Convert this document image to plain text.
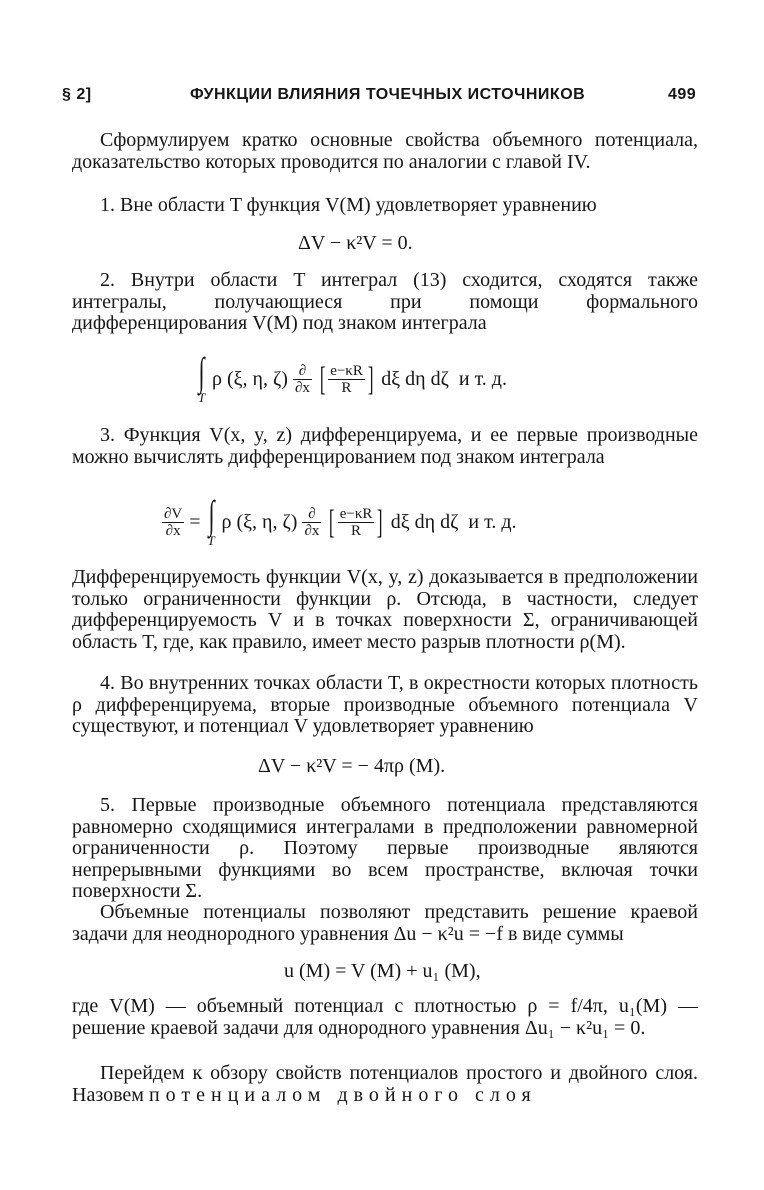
§ 2]	ФУНКЦИИ ВЛИЯНИЯ ТОЧЕЧНЫХ ИСТОЧНИКОВ	499
Сформулируем кратко основные свойства объемного потенциала, доказательство которых проводится по аналогии с главой IV.
1. Вне области T функция V(M) удовлетворяет уравнению
ΔV − κ²V = 0.
2. Внутри области T интеграл (13) сходится, сходятся также интегралы, получающиеся при помощи формального дифференцирования V(M) под знаком интеграла
∫
T
ρ (ξ, η, $\zeta) \frac{\partial}{\partial x}$ [ $\frac{e-\kappa R}{R}$ ] dξ dη dζ и т. д.
3. Функция V(x, y, z) дифференцируема, и ее первые производные можно вычислять дифференцированием под знаком интеграла
$\frac{\partial V}{\partial x}$ = ∫
T
ρ (ξ, η, $\zeta) \frac{\partial}{\partial x}$ [ $\frac{e-\kappa R}{R}$ ] dξ dη dζ и т. д.
Дифференцируемость функции V(x, y, z) доказывается в предположении только ограниченности функции ρ. Отсюда, в частности, следует дифференцируемость V и в точках поверхности Σ, ограничивающей область T, где, как правило, имеет место разрыв плотности ρ(M).
4. Во внутренних точках области T, в окрестности которых плотность ρ дифференцируема, вторые производные объемного потенциала V существуют, и потенциал V удовлетворяет уравнению
ΔV − κ²V = − 4πρ (M).
5. Первые производные объемного потенциала представляются равномерно сходящимися интегралами в предположении равномерной ограниченности ρ. Поэтому первые производные являются непрерывными функциями во всем пространстве, включая точки поверхности Σ.
Объемные потенциалы позволяют представить решение краевой задачи для неоднородного уравнения Δu − κ²u = −f в виде суммы
u (M) = V (M) + u₁ (M),
где V(M) — объемный потенциал с плотностью ρ = f/4π, u₁(M) — решение краевой задачи для однородного уравнения Δu₁ − κ²u₁ = 0.
Перейдем к обзору свойств потенциалов простого и двойного слоя. Назовем потенциалом двойного слоя
